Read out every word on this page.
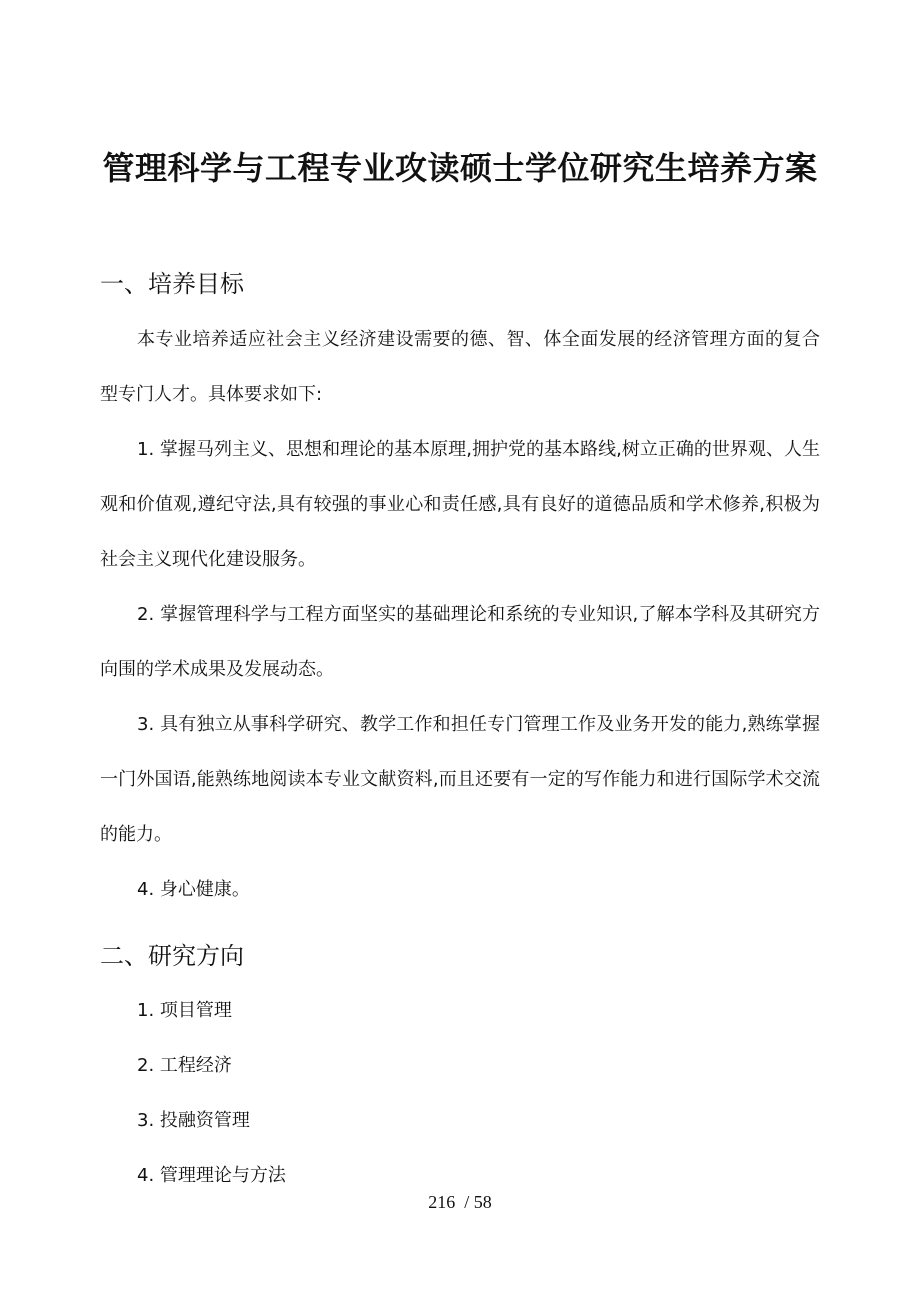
管理科学与工程专业攻读硕士学位研究生培养方案
一、培养目标

本专业培养适应社会主义经济建设需要的德、智、体全面发展的经济管理方面的复合型专门人才。具体要求如下:

1. 掌握马列主义、思想和理论的基本原理,拥护党的基本路线,树立正确的世界观、人生观和价值观,遵纪守法,具有较强的事业心和责任感,具有良好的道德品质和学术修养,积极为社会主义现代化建设服务。

2. 掌握管理科学与工程方面坚实的基础理论和系统的专业知识,了解本学科及其研究方向围的学术成果及发展动态。

3. 具有独立从事科学研究、教学工作和担任专门管理工作及业务开发的能力,熟练掌握一门外国语,能熟练地阅读本专业文献资料,而且还要有一定的写作能力和进行国际学术交流的能力。

4. 身心健康。

二、研究方向

1. 项目管理

2. 工程经济

3. 投融资管理

4. 管理理论与方法

216  / 58
